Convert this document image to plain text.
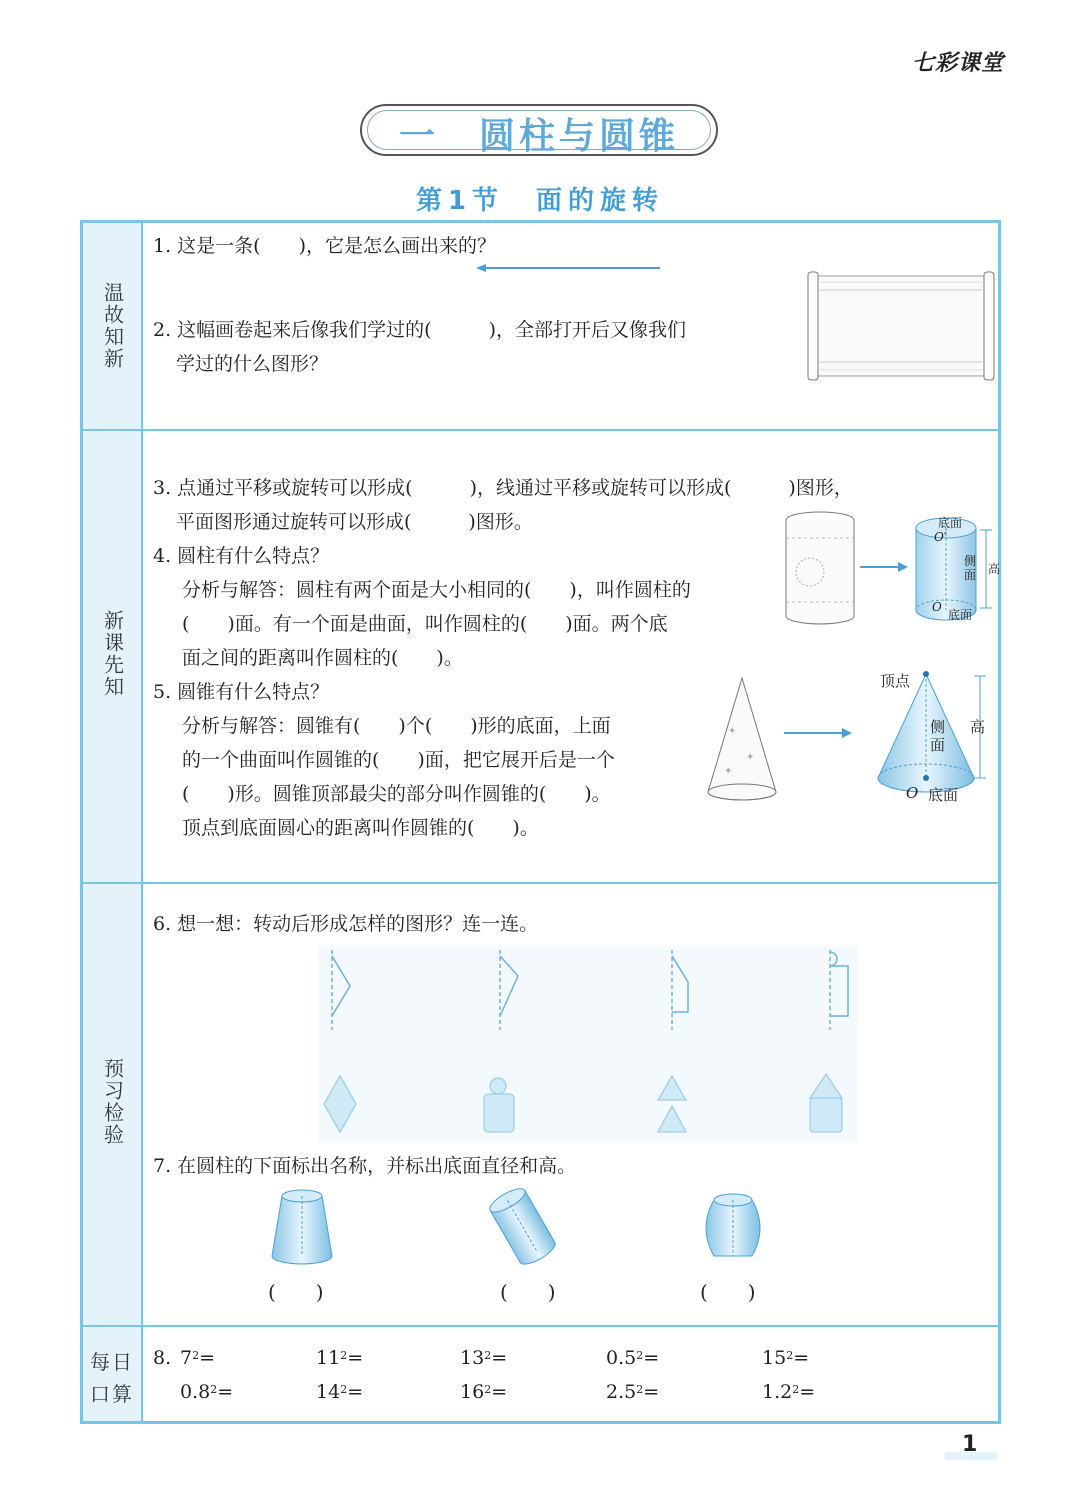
七彩课堂
一　圆柱与圆锥
第1节　面的旋转
温故知新
新课先知
预习检验
每日口算
1. 这是一条(　　)，它是怎么画出来的？
2. 这幅画卷起来后像我们学过的(　　　)，全部打开后又像我们
学过的什么图形？
3. 点通过平移或旋转可以形成(　　　)，线通过平移或旋转可以形成(　　　)图形，
平面图形通过旋转可以形成(　　　)图形。
4. 圆柱有什么特点？
分析与解答：圆柱有两个面是大小相同的(　　)，叫作圆柱的
(　　)面。有一个面是曲面，叫作圆柱的(　　)面。两个底
面之间的距离叫作圆柱的(　　)。
5. 圆锥有什么特点？
分析与解答：圆锥有(　　)个(　　)形的底面，上面
的一个曲面叫作圆锥的(　　)面，把它展开后是一个
(　　)形。圆锥顶部最尖的部分叫作圆锥的(　　)。
顶点到底面圆心的距离叫作圆锥的(　　)。
底面
O′
侧面 高
O
底面
✦
✦
✦
顶点
侧面
高
O 底面
6. 想一想：转动后形成怎样的图形？连一连。
7. 在圆柱的下面标出名称，并标出底面直径和高。
(　　)	(　　)	(　　)
8. $7^2=$	$11^2=$	$13^2=$	$0.5^2=$	$15^2=$
$0.8^2=$	$14^2=$	$16^2=$	$2.5^2=$	$1.2^2=$
1
